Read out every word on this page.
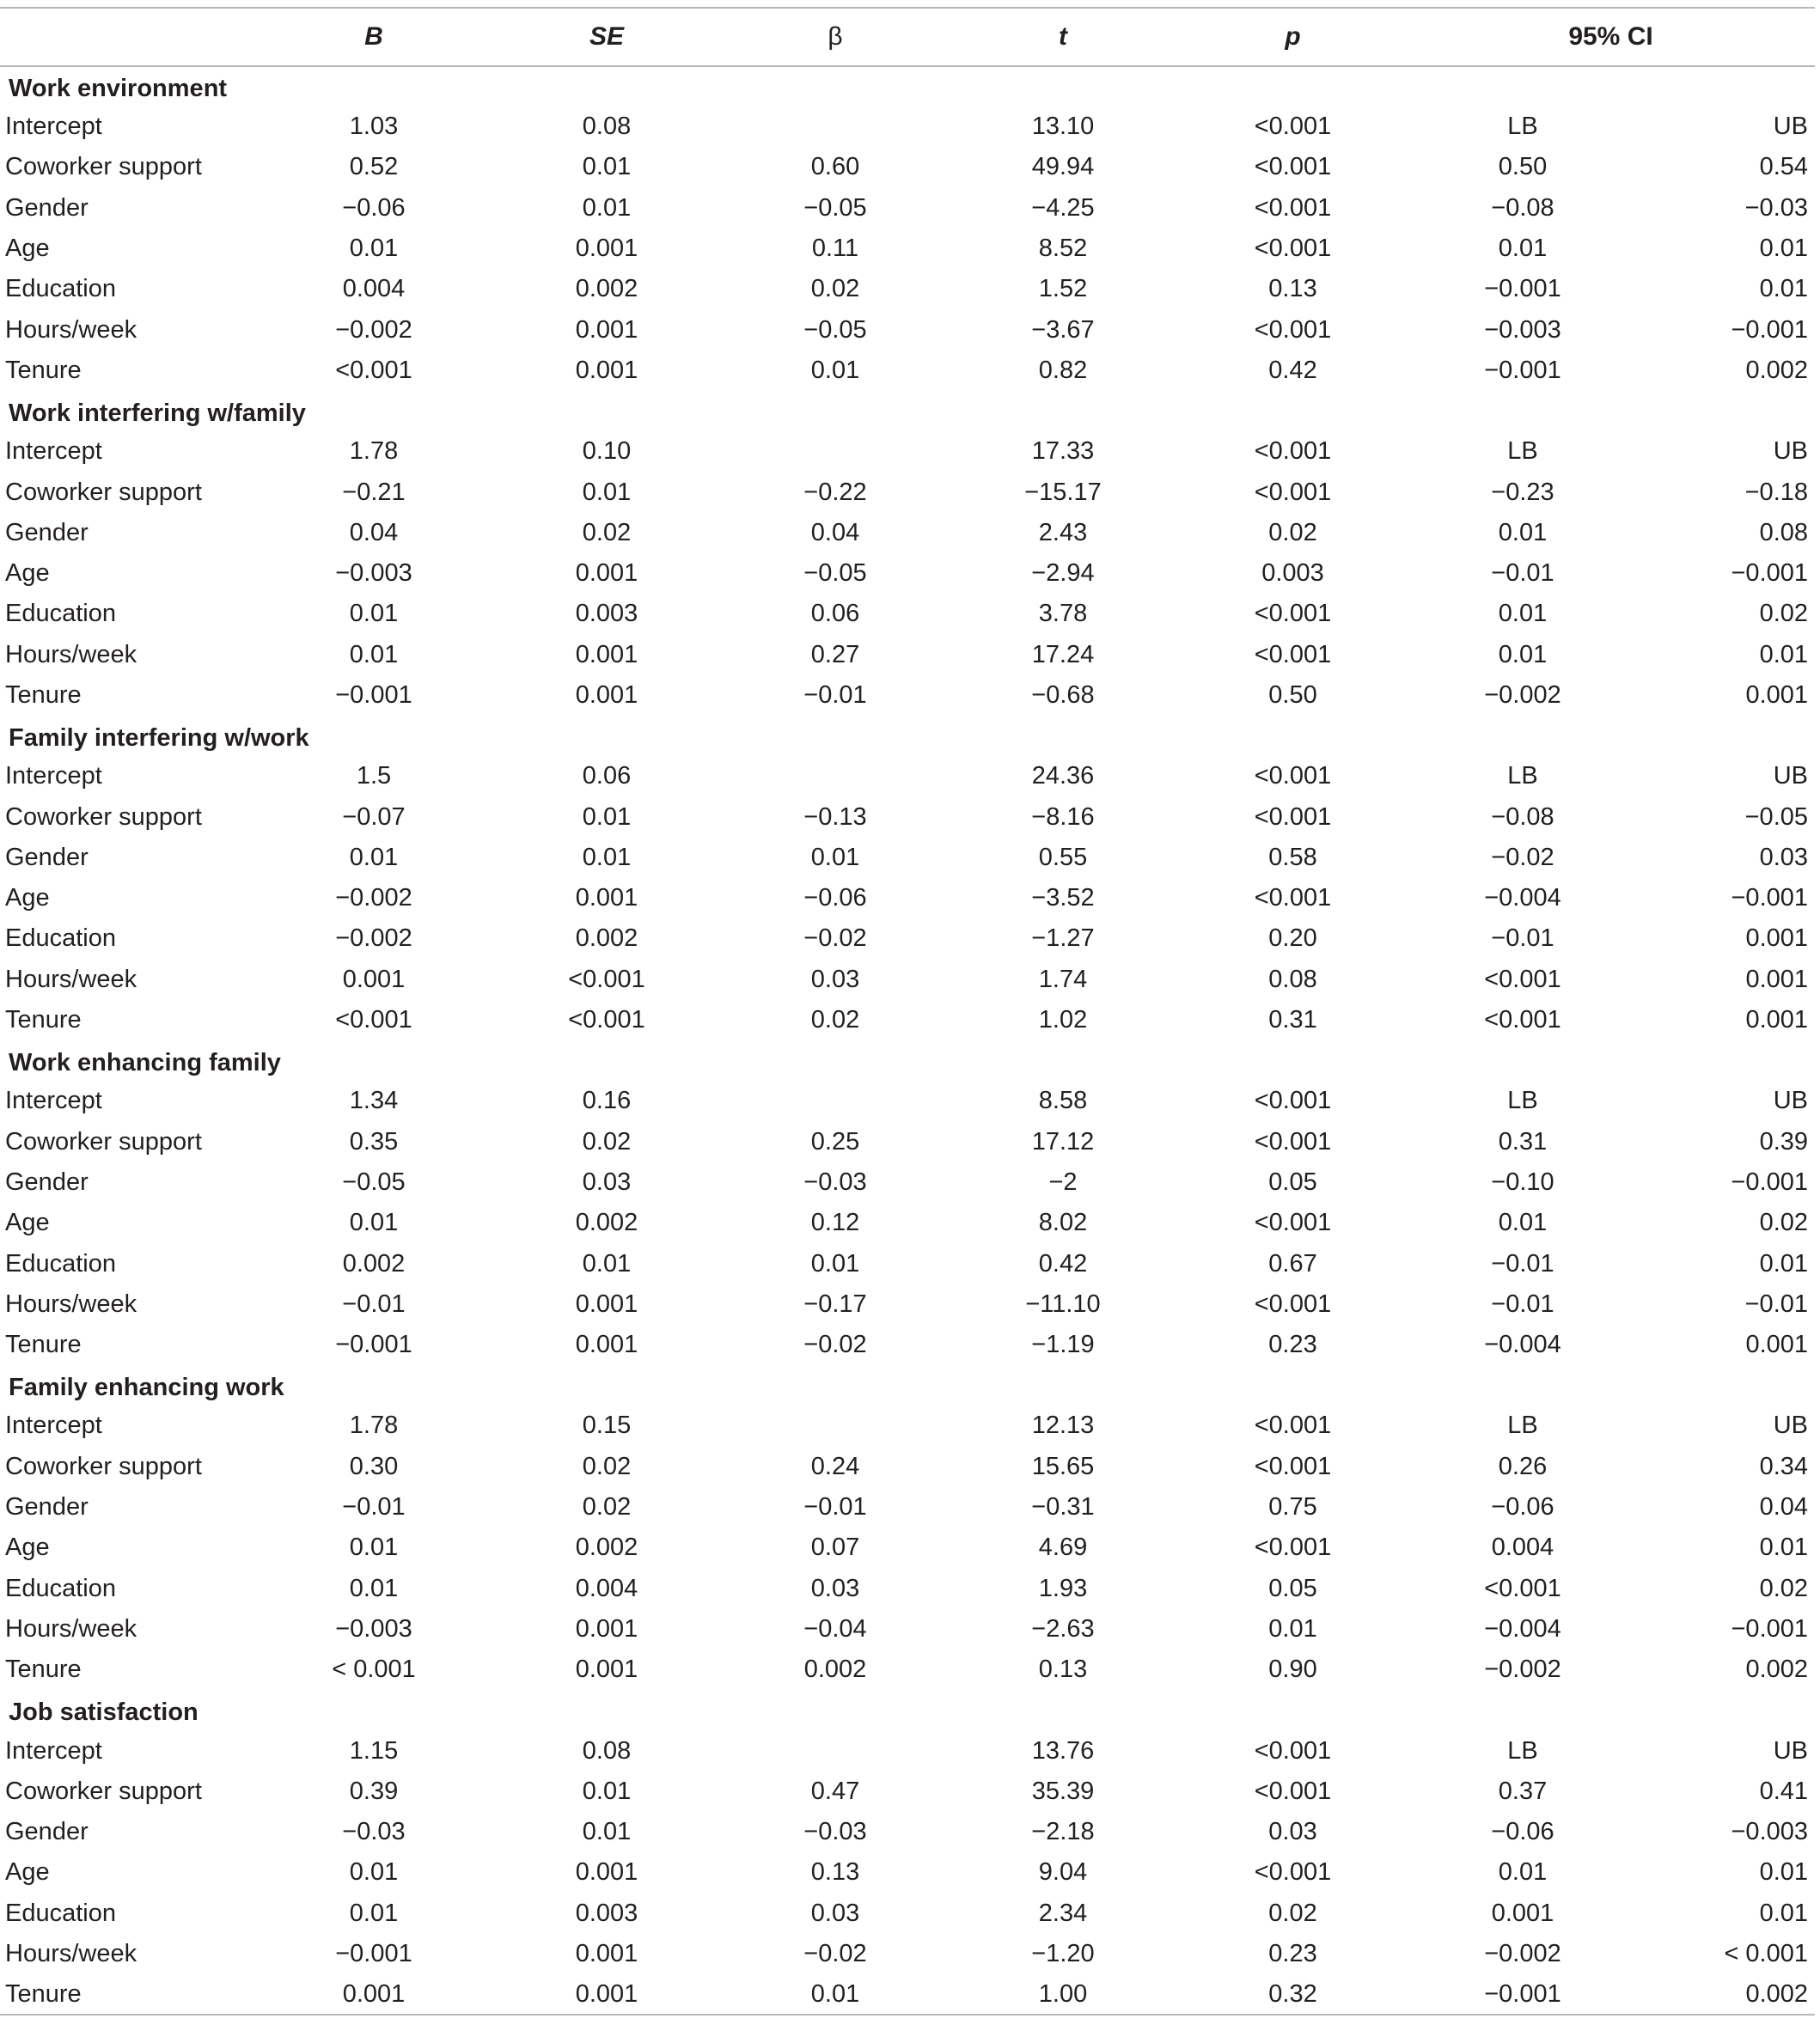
	B	SE	β	t	p	95% CI	
Work environment							
Intercept	1.03	0.08		13.10	<0.001	LB	UB
Coworker support	0.52	0.01	0.60	49.94	<0.001	0.50	0.54
Gender	−0.06	0.01	−0.05	−4.25	<0.001	−0.08	−0.03
Age	0.01	0.001	0.11	8.52	<0.001	0.01	0.01
Education	0.004	0.002	0.02	1.52	0.13	−0.001	0.01
Hours/week	−0.002	0.001	−0.05	−3.67	<0.001	−0.003	−0.001
Tenure	<0.001	0.001	0.01	0.82	0.42	−0.001	0.002
Work interfering w/family							
Intercept	1.78	0.10		17.33	<0.001	LB	UB
Coworker support	−0.21	0.01	−0.22	−15.17	<0.001	−0.23	−0.18
Gender	0.04	0.02	0.04	2.43	0.02	0.01	0.08
Age	−0.003	0.001	−0.05	−2.94	0.003	−0.01	−0.001
Education	0.01	0.003	0.06	3.78	<0.001	0.01	0.02
Hours/week	0.01	0.001	0.27	17.24	<0.001	0.01	0.01
Tenure	−0.001	0.001	−0.01	−0.68	0.50	−0.002	0.001
Family interfering w/work							
Intercept	1.5	0.06		24.36	<0.001	LB	UB
Coworker support	−0.07	0.01	−0.13	−8.16	<0.001	−0.08	−0.05
Gender	0.01	0.01	0.01	0.55	0.58	−0.02	0.03
Age	−0.002	0.001	−0.06	−3.52	<0.001	−0.004	−0.001
Education	−0.002	0.002	−0.02	−1.27	0.20	−0.01	0.001
Hours/week	0.001	<0.001	0.03	1.74	0.08	<0.001	0.001
Tenure	<0.001	<0.001	0.02	1.02	0.31	<0.001	0.001
Work enhancing family							
Intercept	1.34	0.16		8.58	<0.001	LB	UB
Coworker support	0.35	0.02	0.25	17.12	<0.001	0.31	0.39
Gender	−0.05	0.03	−0.03	−2	0.05	−0.10	−0.001
Age	0.01	0.002	0.12	8.02	<0.001	0.01	0.02
Education	0.002	0.01	0.01	0.42	0.67	−0.01	0.01
Hours/week	−0.01	0.001	−0.17	−11.10	<0.001	−0.01	−0.01
Tenure	−0.001	0.001	−0.02	−1.19	0.23	−0.004	0.001
Family enhancing work							
Intercept	1.78	0.15		12.13	<0.001	LB	UB
Coworker support	0.30	0.02	0.24	15.65	<0.001	0.26	0.34
Gender	−0.01	0.02	−0.01	−0.31	0.75	−0.06	0.04
Age	0.01	0.002	0.07	4.69	<0.001	0.004	0.01
Education	0.01	0.004	0.03	1.93	0.05	<0.001	0.02
Hours/week	−0.003	0.001	−0.04	−2.63	0.01	−0.004	−0.001
Tenure	< 0.001	0.001	0.002	0.13	0.90	−0.002	0.002
Job satisfaction							
Intercept	1.15	0.08		13.76	<0.001	LB	UB
Coworker support	0.39	0.01	0.47	35.39	<0.001	0.37	0.41
Gender	−0.03	0.01	−0.03	−2.18	0.03	−0.06	−0.003
Age	0.01	0.001	0.13	9.04	<0.001	0.01	0.01
Education	0.01	0.003	0.03	2.34	0.02	0.001	0.01
Hours/week	−0.001	0.001	−0.02	−1.20	0.23	−0.002	< 0.001
Tenure	0.001	0.001	0.01	1.00	0.32	−0.001	0.002
